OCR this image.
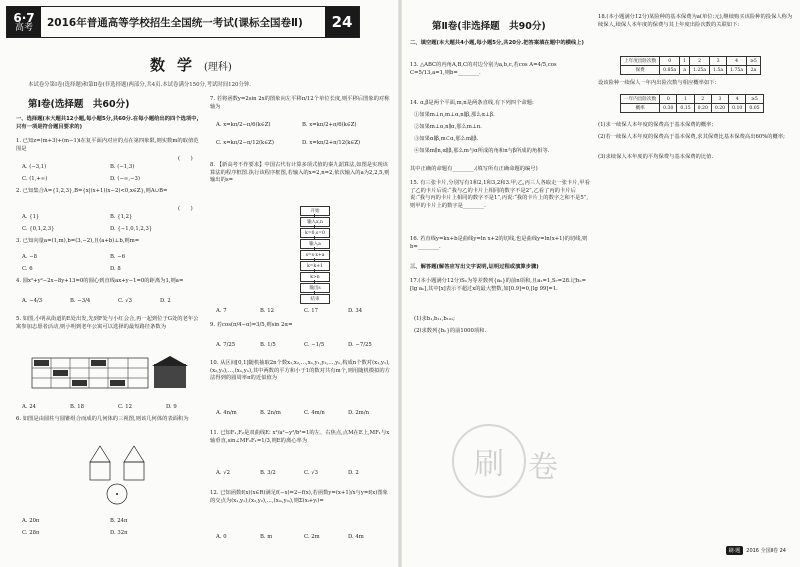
6·7
高考	2016年普通高等学校招生全国统一考试(课标全国卷Ⅱ)	24
数学(理科)
本试卷分第Ⅰ卷(选择题)和第Ⅱ卷(非选择题)两部分,共4页.本试卷满分150分,考试时间120分钟.
第Ⅰ卷(选择题　共60分)
一、选择题(本大题共12小题,每小题5分,共60分.在每小题给出的四个选项中,只有一项是符合题目要求的)
1. 已知z=(m+3)+(m−1)i在复平面内对应的点在第四象限,则实数m的取值范围是
(　　)
A. (−3,1)	B. (−1,3)
C. (1,+∞)	D. (−∞,−3)
2. 已知集合A={1,2,3},B={x|(x+1)(x−2)<0,x∈Z},则A∪B=
(　　)
A. {1}	B. {1,2}
C. {0,1,2,3}	D. {−1,0,1,2,3}
3. 已知向量a=(1,m),b=(3,−2),且(a+b)⊥b,则m=
A. −8	B. −6
C. 6	D. 8
4. 圆x²+y²−2x−8y+13=0的圆心到直线ax+y−1=0的距离为1,则a=
A. −4/3	B. −3/4	C. √3	D. 2
5. 如图,小明从街道的E处出发,先到F处与小红会合,再一起到位于G处的老年公寓参加志愿者活动,则小明到老年公寓可以选择的最短路径条数为
A. 24	B. 18	C. 12	D. 9
6. 如图是由圆柱与圆锥组合而成的几何体的三视图,则该几何体的表面积为
A. 20π	B. 24π
C. 28π	D. 32π
7. 若将函数y=2sin 2x的图象向左平移π/12个单位长度,则平移后图象的对称轴为
A. x=kπ/2−π/6(k∈Z)	B. x=kπ/2+π/6(k∈Z)
C. x=kπ/2−π/12(k∈Z)	D. x=kπ/2+π/12(k∈Z)
8. 【新高考不作要求】中国古代有计算多项式值的秦九韶算法,如图是实现该算法的程序框图.执行该程序框图,若输入的x=2,n=2,依次输入的a为2,2,5,则输出的s=
开始
输入x,n
k=0,s=0
输入a
s=s·x+a
k=k+1
k>n
输出s
结束
A. 7	B. 12	C. 17	D. 34
9. 若cos(π/4−α)=3/5,则sin 2α=
A. 7/25	B. 1/5	C. −1/5	D. −7/25
10. 从区间[0,1]随机抽取2n个数x₁,x₂,…,xₙ,y₁,y₂,…,yₙ,构成n个数对(x₁,y₁),(x₂,y₂),…,(xₙ,yₙ),其中两数的平方和小于1的数对共有m个,则用随机模拟的方法得到的圆周率π的近似值为
A. 4n/m	B. 2n/m	C. 4m/n	D. 2m/n
11. 已知F₁,F₂是双曲线E: x²/a²−y²/b²=1的左、右焦点,点M在E上,MF₁与x轴垂直,sin∠MF₂F₁=1/3,则E的离心率为
A. √2	B. 3/2	C. √3	D. 2
12. 已知函数f(x)(x∈R)满足f(−x)=2−f(x),若函数y=(x+1)/x与y=f(x)图象的交点为(x₁,y₁),(x₂,y₂),…,(xₘ,yₘ),则Σ(xᵢ+yᵢ)=
A. 0	B. m	C. 2m	D. 4m
第Ⅱ卷(非选择题　共90分)
二、填空题(本大题共4小题,每小题5分,共20分.把答案填在题中的横线上)
13. △ABC的内角A,B,C的对边分别为a,b,c,若cos A=4/5,cos C=5/13,a=1,则b=________.
14. α,β是两个平面,m,n是两条直线,有下列四个命题:
①如果m⊥n,m⊥α,n∥β,那么α⊥β.
②如果m⊥α,n∥α,那么m⊥n.
③如果α∥β,m⊂α,那么m∥β.
④如果m∥n,α∥β,那么m与α所成的角和n与β所成的角相等.
其中正确的命题有________.(填写所有正确命题的编号)
15. 有三张卡片,分别写有1和2,1和3,2和3.甲,乙,丙三人各取走一张卡片,甲看了乙的卡片后说:“我与乙的卡片上相同的数字不是2”,乙看了丙的卡片后说:“我与丙的卡片上相同的数字不是1”,丙说:“我的卡片上的数字之和不是5”,则甲的卡片上的数字是________.
16. 若直线y=kx+b是曲线y=ln x+2的切线,也是曲线y=ln(x+1)的切线,则b=________.
三、解答题(解答应写出文字说明,证明过程或演算步骤)
17.(本小题满分12分)Sₙ为等差数列{aₙ}的前n项和,且a₁=1,S₇=28.记bₙ=[lg aₙ],其中[x]表示不超过x的最大整数,如[0.9]=0,[lg 99]=1.
(1)求b₁,b₁₁,b₁₀₁;
(2)求数列{bₙ}的前1000项和.
刷 卷
18.(本小题满分12分)某险种的基本保费为a(单位:元),继续购买该险种的投保人称为续保人,续保人本年度的保费与其上年度出险次数的关联如下:
上年度出险次数	0	1	2	3	4	≥5
保费	0.85a	a	1.25a	1.5a	1.75a	2a
设该险种一续保人一年内出险次数与相应概率如下:
一年内出险次数	0	1	2	3	4	≥5
概率	0.30	0.15	0.20	0.20	0.10	0.05
(1)求一续保人本年度的保费高于基本保费的概率;
(2)若一续保人本年度的保费高于基本保费,求其保费比基本保费高出60%的概率;
(3)求续保人本年度的平均保费与基本保费的比值.
刷·题	2016 全国Ⅱ卷 24
